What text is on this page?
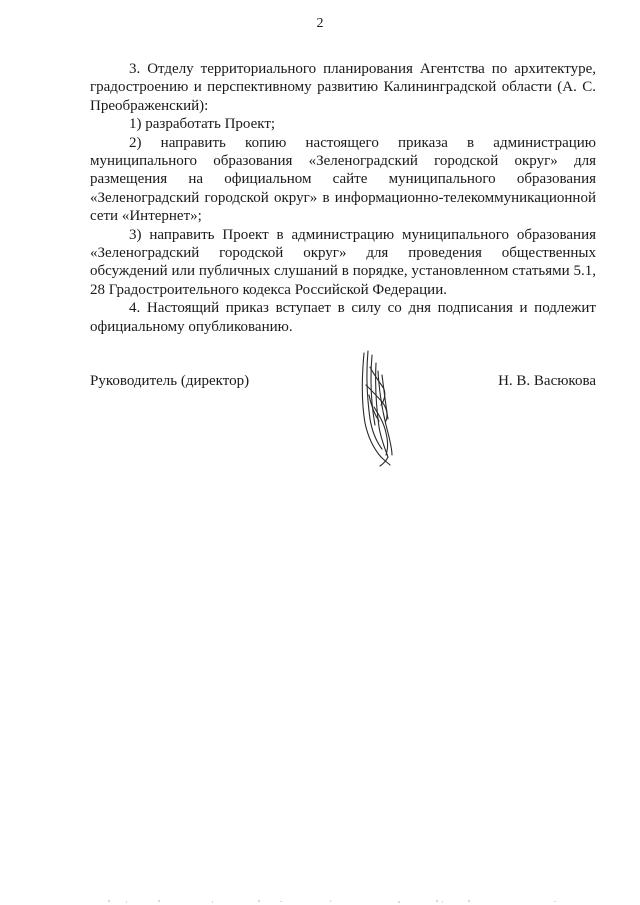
2

3. Отделу территориального планирования Агентства по архитектуре, градостроению и перспективному развитию Калининградской области (А. С. Преображенский):

1) разработать Проект;

2) направить копию настоящего приказа в администрацию муниципального образования «Зеленоградский городской округ» для размещения на официальном сайте муниципального образования «Зеленоградский городской округ» в информационно-телекоммуникационной сети «Интернет»;

3) направить Проект в администрацию муниципального образования «Зеленоградский городской округ» для проведения общественных обсуждений или публичных слушаний в порядке, установленном статьями 5.1, 28 Градостроительного кодекса Российской Федерации.

4. Настоящий приказ вступает в силу со дня подписания и подлежит официальному опубликованию.

Руководитель (директор)	Н. В. Васюкова
